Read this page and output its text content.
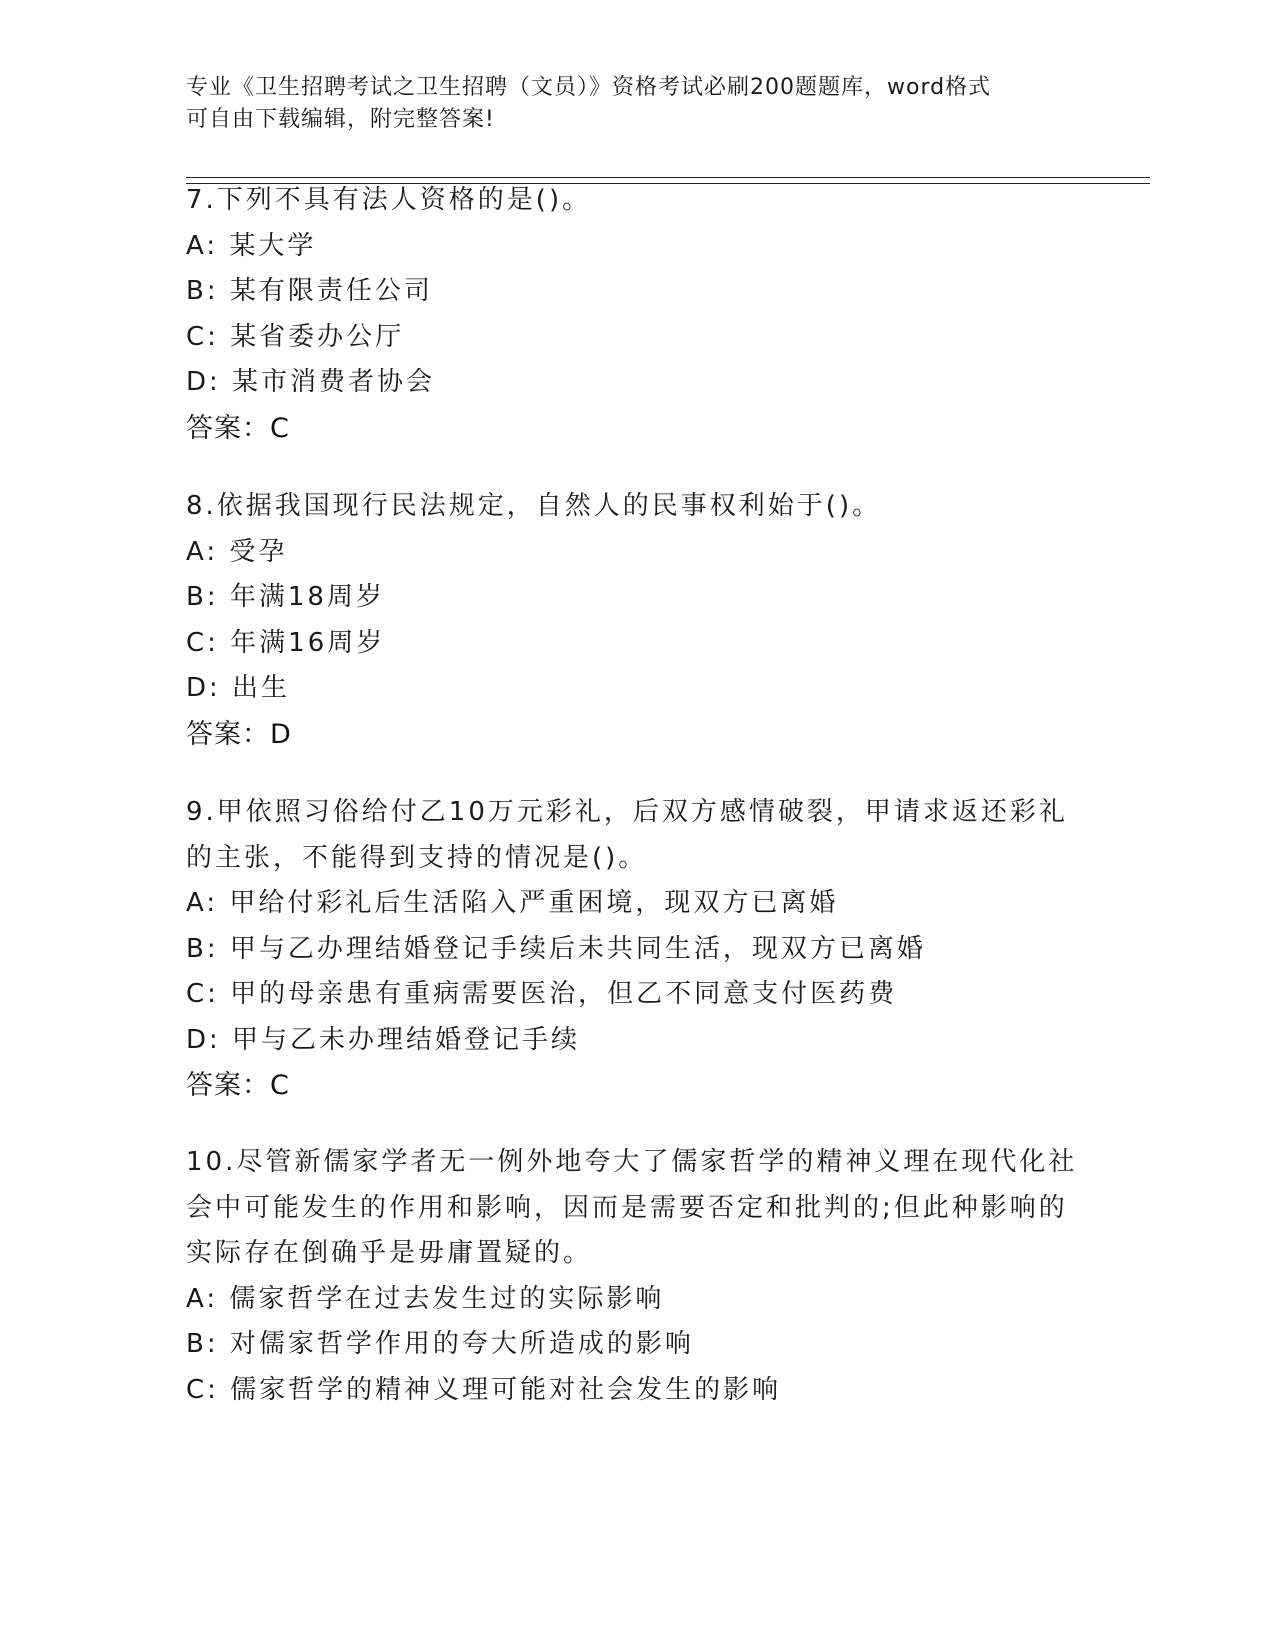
专业《卫生招聘考试之卫生招聘（文员）》资格考试必刷200题题库，word格式
可自由下载编辑，附完整答案!
7.下列不具有法人资格的是()。
A: 某大学
B: 某有限责任公司
C: 某省委办公厅
D: 某市消费者协会
答案：C
8.依据我国现行民法规定，自然人的民事权利始于()。
A: 受孕
B: 年满18周岁
C: 年满16周岁
D: 出生
答案：D
9.甲依照习俗给付乙10万元彩礼，后双方感情破裂，甲请求返还彩礼
的主张，不能得到支持的情况是()。
A: 甲给付彩礼后生活陷入严重困境，现双方已离婚
B: 甲与乙办理结婚登记手续后未共同生活，现双方已离婚
C: 甲的母亲患有重病需要医治，但乙不同意支付医药费
D: 甲与乙未办理结婚登记手续
答案：C
10.尽管新儒家学者无一例外地夸大了儒家哲学的精神义理在现代化社
会中可能发生的作用和影响，因而是需要否定和批判的;但此种影响的
实际存在倒确乎是毋庸置疑的。
A: 儒家哲学在过去发生过的实际影响
B: 对儒家哲学作用的夸大所造成的影响
C: 儒家哲学的精神义理可能对社会发生的影响
